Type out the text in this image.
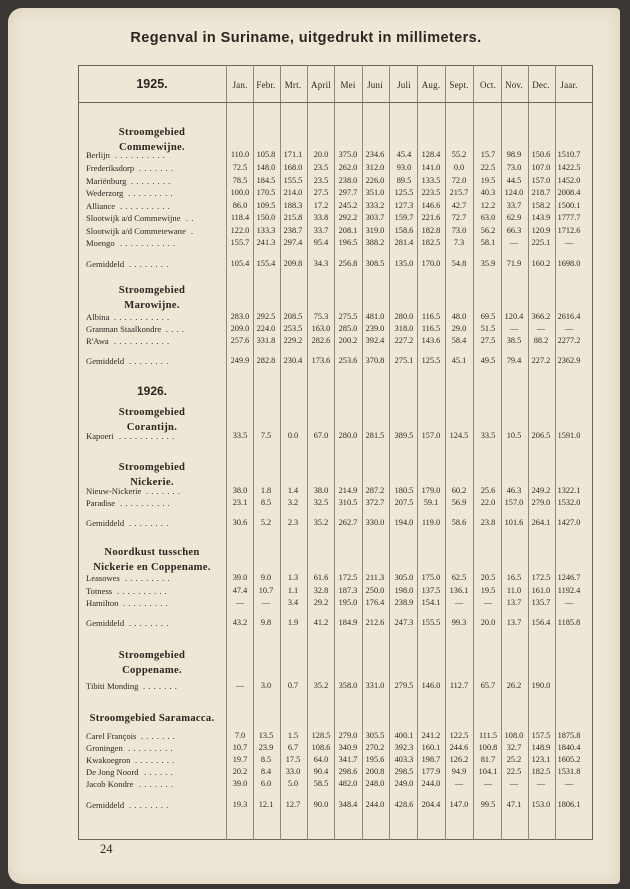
Regenval in Suriname, uitgedrukt in millimeters.
1925.	Jan. Febr.	Mrt.	April	Mei	Juni	Juli	Aug.	Sept.	Oct.	Nov.	Dec.	Jaar.
Stroomgebied
Commewijne.
Berlijn . . . . . . . . . .	110.0 105.8	171.1	20.0	375.0	234.6	45.4	128.4	55.2	15.7	98.9	150.6 1510.7
Frederiksdorp . . . . . . .	72.5	148.0	168.0	23.5	262.0	312.0	93.0	141.0	0.0	22.5	73.0	107.0 1422.5
Mariënburg . . . . . . . .	78.5	184.5	155.5	23.5	238.0	226.0	89.5	133.5	72.0	19.5	44.5	157.0 1452.0
Wederzorg . . . . . . . . .	100.0 170.5	214.0	27.5	297.7	351.0	125.5	223.5	215.7	40.3	124.0	218.7 2008.4
Alliance . . . . . . . . . .	86.0	109.5	188.3	17.2	245.2	333.2	127.3	146.6	42.7	12.2	33.7	158.2 1500.1
Slootwijk a/d Commewijne . .	118.4 150.0	215.8	33.8	292.2	303.7	159.7	221.6	72.7	63.0	62.9	143.9 1777.7
Slootwijk a/d Commetewane .	122.0 133.3	238.7	33.7	208.1	319.0	158.6	182.8	73.0	56.2	66.3	120.9 1712.6
Moengo . . . . . . . . . . .	155.7 241.3	297.4	95.4	196.5	388.2	281.4	182.5	7.3	58.1	—	225.1	—
Gemiddeld . . . . . . . .	105.4 155.4	209.8	34.3	256.8	308.5	135.0	170.0	54.8	35.9	71.9	160.2 1698.0
Stroomgebied
Marowijne.
Albina . . . . . . . . . . .	283.0 292.5	208.5	75.3	275.5	481.0	280.0	116.5	48.0	69.5	120.4	366.2 2616.4
Granman Staalkondre . . . .	209.0 224.0	253.5	163.0	285.0	239.0	318.0	116.5	29.0	51.5	—	—	—
R'Awa . . . . . . . . . . .	257.6 331.8	229.2	282.6	200.2	392.4	227.2	143.6	58.4	27.5	38.5	88.2	2277.2
Gemiddeld . . . . . . . .	249.9 282.8	230.4	173.6	253.6	370.8	275.1	125.5	45.1	49.5	79.4	227.2 2362.9
1926.
Stroomgebied
Corantijn.
Kapoeri . . . . . . . . . . .	33.5	7.5	0.0	67.0	280.0	281.5	389.5	157.0	124.5	33.5	10.5	206.5 1591.0
Stroomgebied
Nickerie.
Nieuw-Nickerie . . . . . . .	38.0	1.8	1.4	38.0	214.9	287.2	180.5	179.0	60.2	25.6	46.3	249.2 1322.1
Paradise . . . . . . . . . .	23.1	8.5	3.2	32.5	310.5	372.7	207.5	59.1	56.9	22.0	157.0	279.0 1532.0
Gemiddeld . . . . . . . .	30.6	5.2	2.3	35.2	262.7	330.0	194.0	119.0	58.6	23.8	101.6	264.1 1427.0
Noordkust tusschen
Nickerie en Coppename.
Leasowes . . . . . . . . .	39.0	9.0	1.3	61.6	172.5	211.3	305.0	175.0	62.5	20.5	16.5	172.5 1246.7
Totness . . . . . . . . . .	47.4	10.7	1.1	32.8	187.3	250.0	198.0	137.5	136.1	19.5	11.0	161.0 1192.4
Hamilton . . . . . . . . .	—	—	3.4	29.2	195.0	176.4	238.9	154.1	—	—	13.7	135.7	—
Gemiddeld . . . . . . . .	43.2	9.8	1.9	41.2	184.9	212.6	247.3	155.5	99.3	20.0	13.7	156.4 1185.8
Stroomgebied
Coppename.
Tibiti Monding . . . . . . .	—	3.0	0.7	35.2	358.0	331.0	279.5	146.0	112.7	65.7	26.2	190.0
Stroomgebied Saramacca.
Carel François . . . . . . .	7.0	13.5	1.5	128.5	279.0	305.5	400.1	241.2	122.5	111.5 108.0	157.5 1875.8
Groningen . . . . . . . . .	10.7	23.9	6.7	108.6	340.9	270.2	392.3	160.1	244.6	100.8	32.7	148.9 1840.4
Kwakoegron . . . . . . . .	19.7	8.5	17.5	64.0	341.7	195.6	403.3	198.7	126.2	81.7	25.2	123.1 1605.2
De Jong Noord . . . . . .	20.2	8.4	33.0	90.4	298.6	200.8	298.5	177.9	94.9	104.1	22.5	182.5 1531.8
Jacob Kondre . . . . . . .	39.0	6.0	5.0	58.5	482.0	248.0	249.0	244.0	—	—	—	—	—
Gemiddeld . . . . . . . .	19.3	12.1	12.7	90.0	348.4	244.0	428.6	204.4	147.0	99.5	47.1	153.0 1806.1
24
